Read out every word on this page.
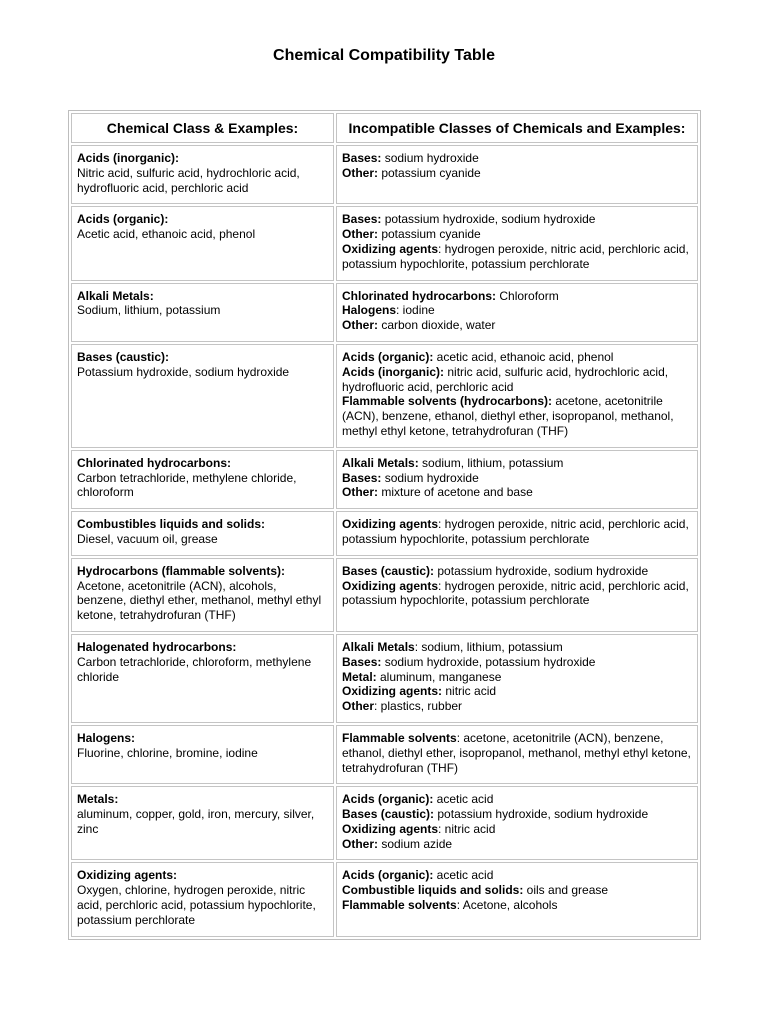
Chemical Compatibility Table
Chemical Class & Examples:	Incompatible Classes of Chemicals and Examples:

Acids (inorganic):
Nitric acid, sulfuric acid, hydrochloric acid, hydrofluoric acid, perchloric acid	Bases: sodium hydroxide
Other: potassium cyanide

Acids (organic):
Acetic acid, ethanoic acid, phenol	Bases: potassium hydroxide, sodium hydroxide
Other: potassium cyanide
Oxidizing agents: hydrogen peroxide, nitric acid, perchloric acid, potassium hypochlorite, potassium perchlorate

Alkali Metals:
Sodium, lithium, potassium	Chlorinated hydrocarbons: Chloroform
Halogens: iodine
Other: carbon dioxide, water

Bases (caustic):
Potassium hydroxide, sodium hydroxide	Acids (organic): acetic acid, ethanoic acid, phenol
Acids (inorganic): nitric acid, sulfuric acid, hydrochloric acid, hydrofluoric acid, perchloric acid
Flammable solvents (hydrocarbons): acetone, acetonitrile (ACN), benzene, ethanol, diethyl ether, isopropanol, methanol, methyl ethyl ketone, tetrahydrofuran (THF)

Chlorinated hydrocarbons:
Carbon tetrachloride, methylene chloride, chloroform	Alkali Metals: sodium, lithium, potassium
Bases: sodium hydroxide
Other: mixture of acetone and base

Combustibles liquids and solids:
Diesel, vacuum oil, grease	Oxidizing agents: hydrogen peroxide, nitric acid, perchloric acid, potassium hypochlorite, potassium perchlorate

Hydrocarbons (flammable solvents):
Acetone, acetonitrile (ACN), alcohols, benzene, diethyl ether, methanol, methyl ethyl ketone, tetrahydrofuran (THF)	Bases (caustic): potassium hydroxide, sodium hydroxide
Oxidizing agents: hydrogen peroxide, nitric acid, perchloric acid, potassium hypochlorite, potassium perchlorate

Halogenated hydrocarbons:
Carbon tetrachloride, chloroform, methylene chloride	Alkali Metals: sodium, lithium, potassium
Bases: sodium hydroxide, potassium hydroxide
Metal: aluminum, manganese
Oxidizing agents: nitric acid
Other: plastics, rubber

Halogens:
Fluorine, chlorine, bromine, iodine	Flammable solvents: acetone, acetonitrile (ACN), benzene, ethanol, diethyl ether, isopropanol, methanol, methyl ethyl ketone, tetrahydrofuran (THF)

Metals:
aluminum, copper, gold, iron, mercury, silver, zinc	Acids (organic): acetic acid
Bases (caustic): potassium hydroxide, sodium hydroxide
Oxidizing agents: nitric acid
Other: sodium azide

Oxidizing agents:
Oxygen, chlorine, hydrogen peroxide, nitric acid, perchloric acid, potassium hypochlorite, potassium perchlorate	Acids (organic): acetic acid
Combustible liquids and solids: oils and grease
Flammable solvents: Acetone, alcohols
